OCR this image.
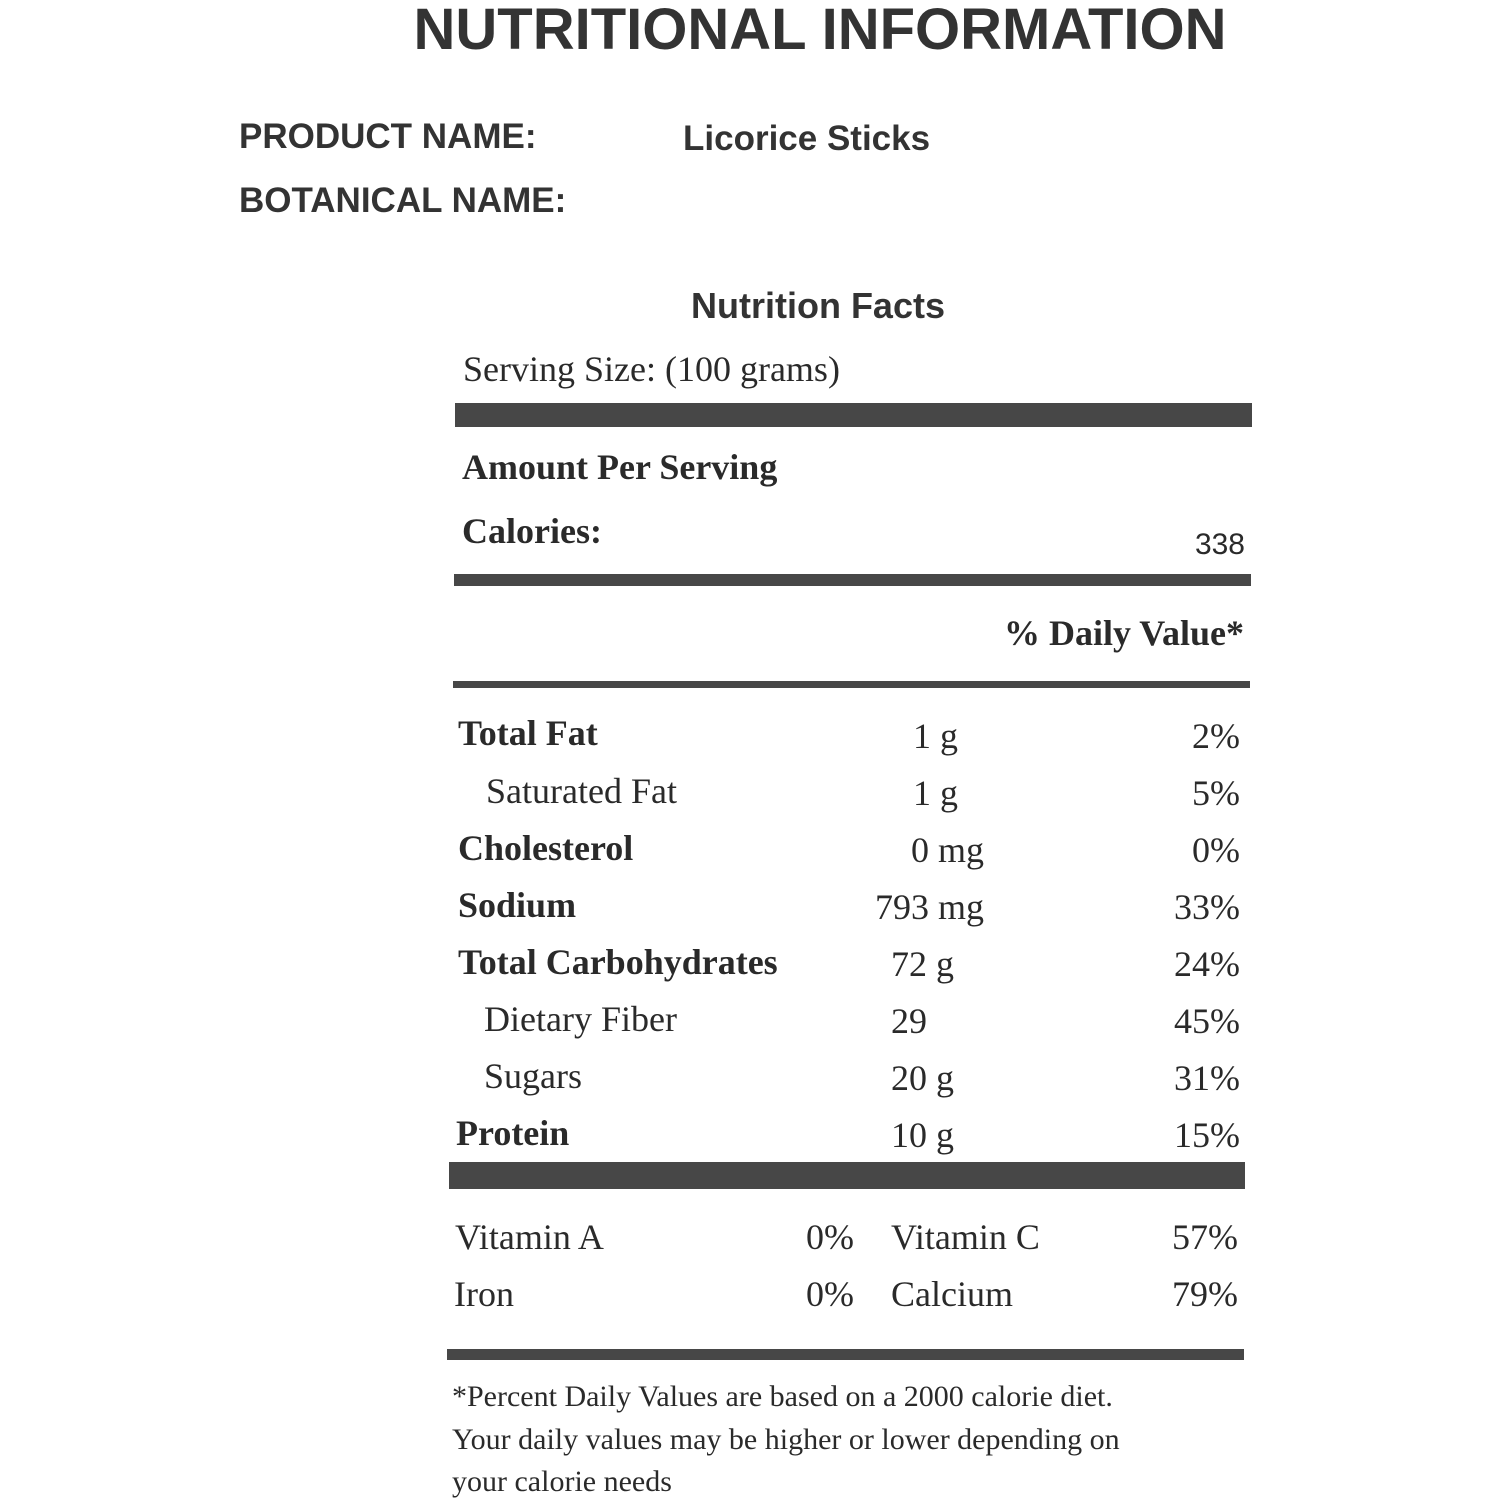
NUTRITIONAL INFORMATION
PRODUCT NAME:	Licorice Sticks
BOTANICAL NAME:
Nutrition Facts
Serving Size: (100 grams)
Amount Per Serving
Calories:	338
% Daily Value*
Total Fat	1 g	2%
Saturated Fat	1 g	5%
Cholesterol	0 mg	0%
Sodium	793 mg	33%
Total Carbohydrates	72 g	24%
Dietary Fiber	29	45%
Sugars	20 g	31%
Protein	10 g	15%
Vitamin A	0% Vitamin C	57%
Iron	0% Calcium	79%
*Percent Daily Values are based on a 2000 calorie diet.
Your daily values may be higher or lower depending on
your calorie needs
